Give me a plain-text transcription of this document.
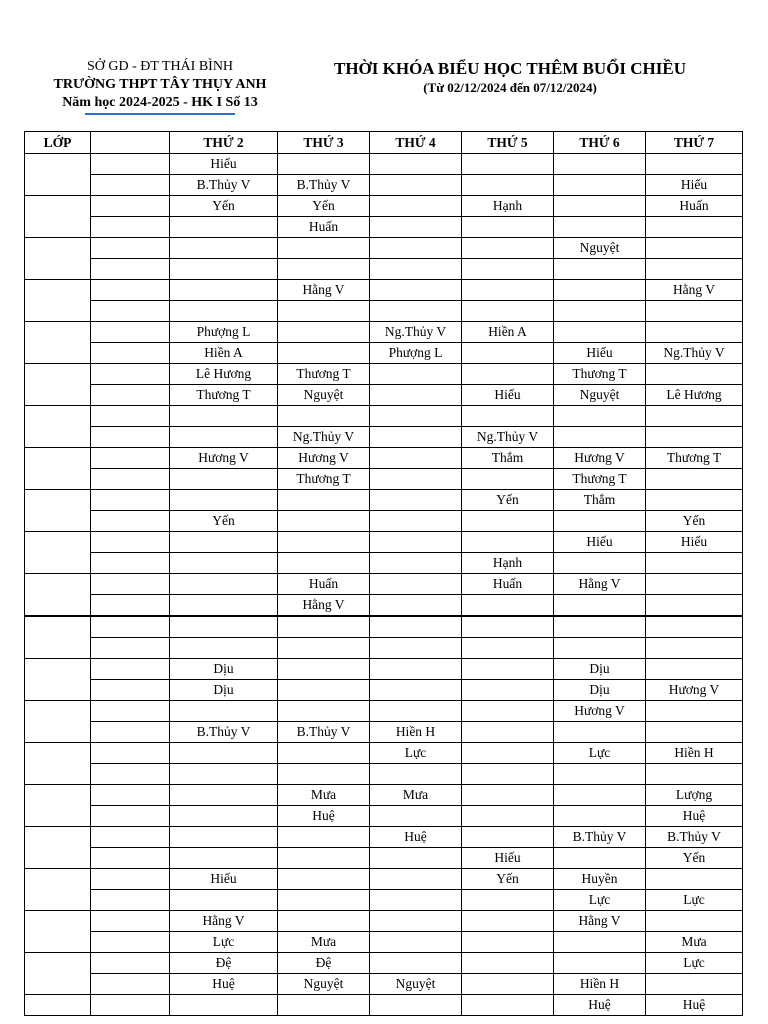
SỞ GD - ĐT THÁI BÌNH
TRƯỜNG THPT TÂY THỤY ANH
Năm học 2024-2025 - HK I Số 13
THỜI KHÓA BIỂU HỌC THÊM BUỔI CHIỀU
(Từ 02/12/2024 đến 07/12/2024)
LỚP		THỨ 2	THỨ 3	THỨ 4	THỨ 5	THỨ 6	THỨ 7
		Hiếu					
		B.Thủy V	B.Thủy V				Hiếu
		Yến	Yến		Hạnh		Huấn
			Huấn				
						Nguyệt	

			Hằng V				Hằng V

		Phượng L		Ng.Thủy V	Hiền A		
		Hiền A		Phượng L		Hiếu	Ng.Thủy V
		Lê Hương	Thương T			Thương T	
		Thương T	Nguyệt		Hiếu	Nguyệt	Lê Hương

			Ng.Thủy V		Ng.Thủy V		
		Hương V	Hương V		Thắm	Hương V	Thương T
			Thương T			Thương T	
					Yến	Thắm	
		Yến					Yến
						Hiếu	Hiếu
					Hạnh		
			Huấn		Huấn	Hằng V	
			Hằng V				

		Dịu				Dịu	
		Dịu				Dịu	Hương V
						Hương V	
		B.Thủy V	B.Thủy V	Hiền H			
				Lực		Lực	Hiền H

			Mưa	Mưa			Lượng
			Huệ				Huệ
				Huệ		B.Thủy V	B.Thủy V
					Hiếu		Yến
		Hiếu			Yến	Huyền	
						Lực	Lực
		Hằng V				Hằng V	
		Lực	Mưa				Mưa
		Đệ	Đệ				Lực
		Huệ	Nguyệt	Nguyệt		Hiền H	
						Huệ	Huệ
